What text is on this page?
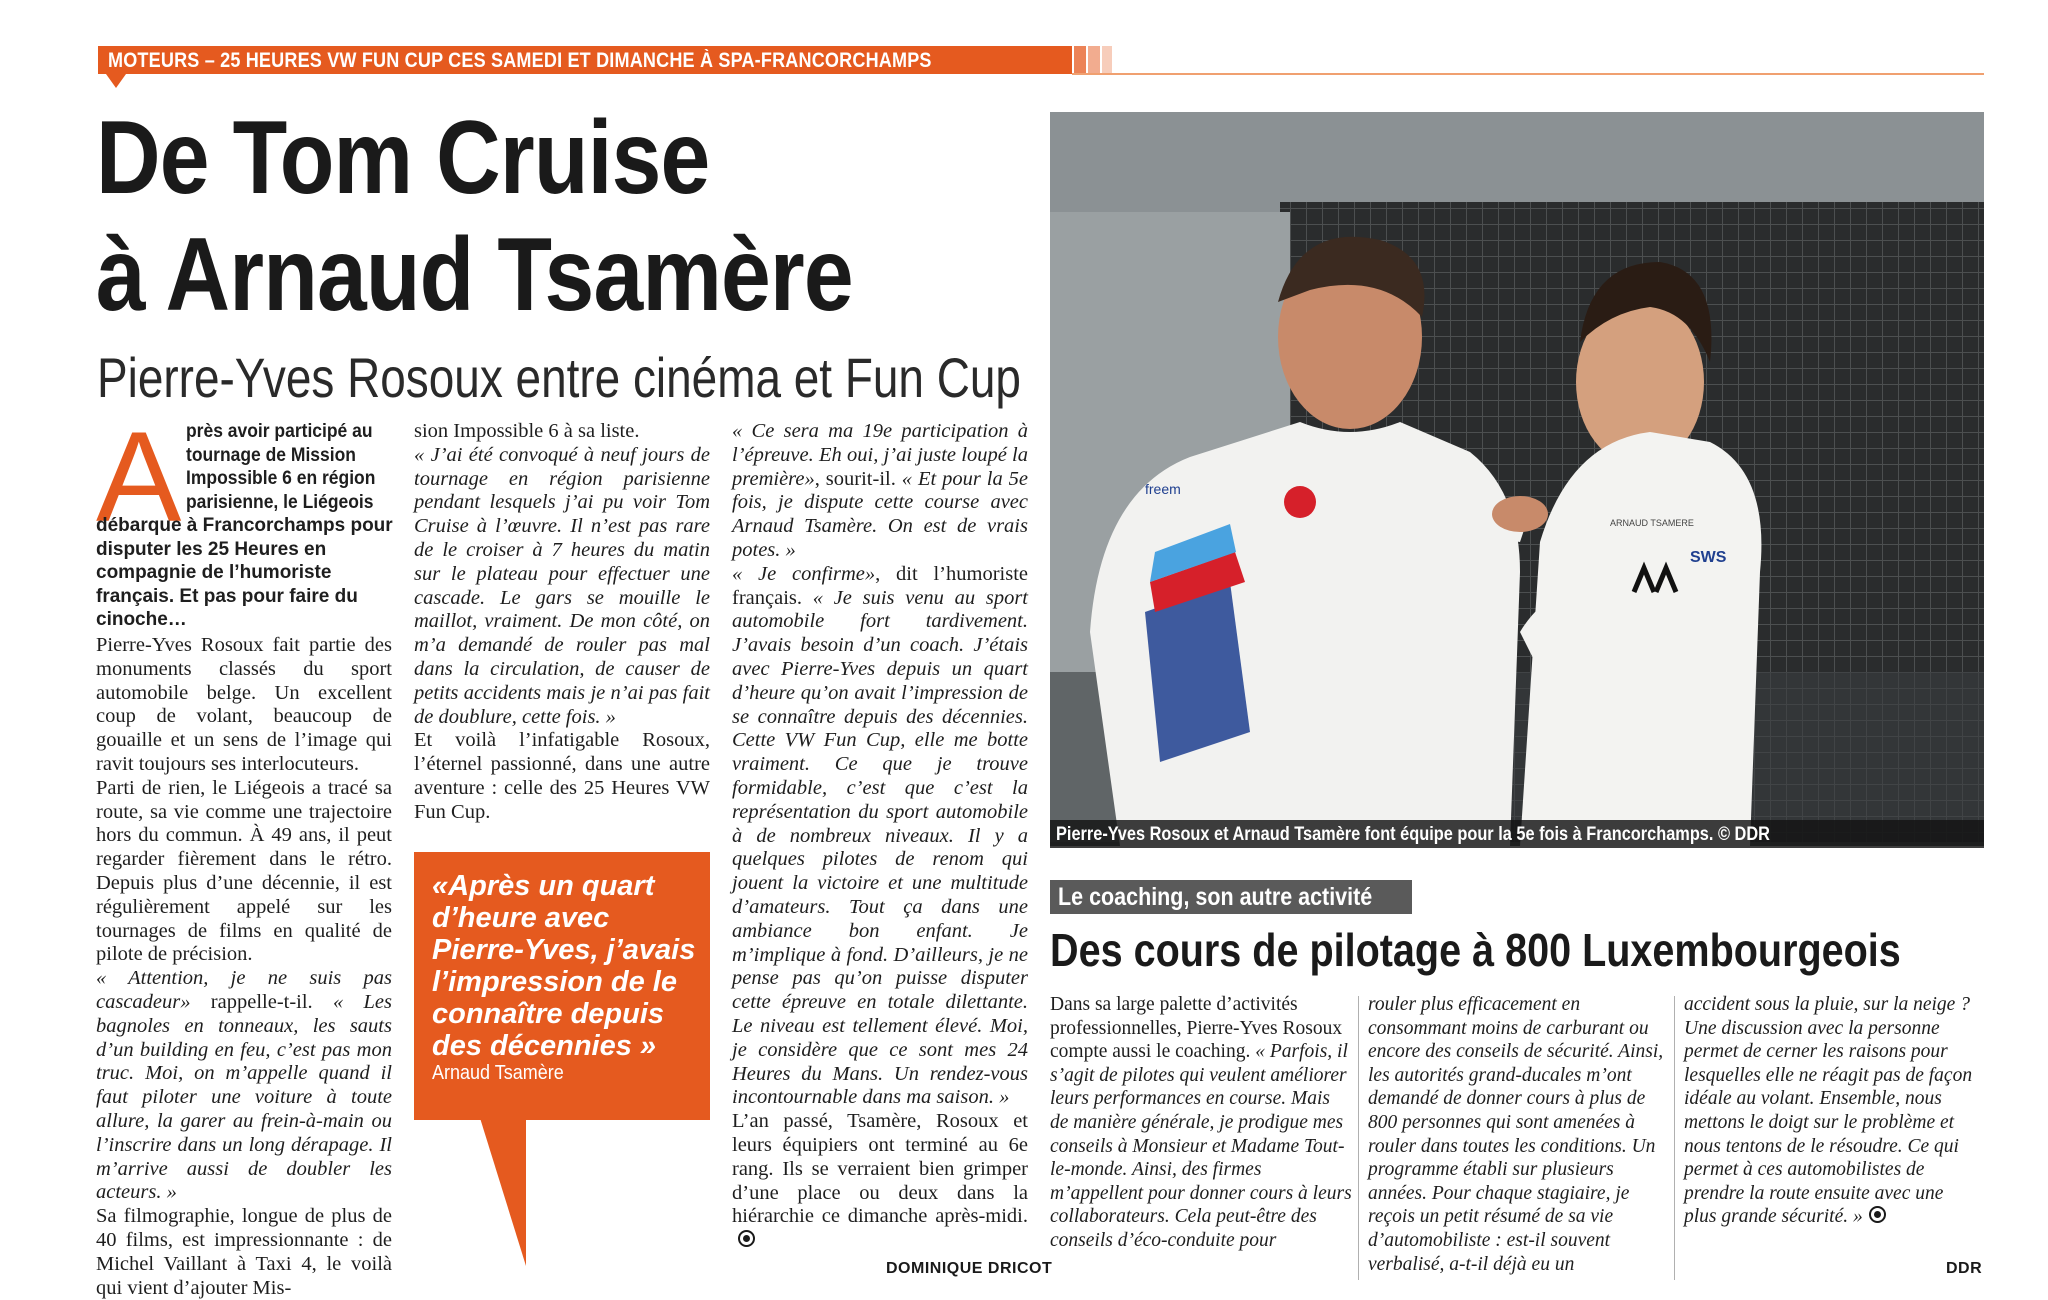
MOTEURS – 25 HEURES VW FUN CUP CES SAMEDI ET DIMANCHE À SPA-FRANCORCHAMPS
De Tom Cruise
à Arnaud Tsamère
Pierre-Yves Rosoux entre cinéma et Fun Cup
A près avoir participé au tournage de Mission Impossible 6 en région parisienne, le Liégeois
débarque à Francorchamps pour disputer les 25 Heures en compagnie de l’humoriste français. Et pas pour faire du cinoche…

Pierre-Yves Rosoux fait partie des monuments classés du sport automobile belge. Un excellent coup de volant, beaucoup de gouaille et un sens de l’image qui ravit toujours ses interlocuteurs.

Parti de rien, le Liégeois a tracé sa route, sa vie comme une trajectoire hors du commun. À 49 ans, il peut regarder fièrement dans le rétro. Depuis plus d’une décennie, il est régulièrement appelé sur les tournages de films en qualité de pilote de précision.

« Attention, je ne suis pas cascadeur» rappelle-t-il. « Les bagnoles en tonneaux, les sauts d’un building en feu, c’est pas mon truc. Moi, on m’appelle quand il faut piloter une voiture à toute allure, la garer au frein-à-main ou l’inscrire dans un long dérapage. Il m’arrive aussi de doubler les acteurs. »

Sa filmographie, longue de plus de 40 films, est impressionnante : de Michel Vaillant à Taxi 4, le voilà qui vient d’ajouter Mis-

sion Impossible 6 à sa liste.

« J’ai été convoqué à neuf jours de tournage en région parisienne pendant lesquels j’ai pu voir Tom Cruise à l’œuvre. Il n’est pas rare de le croiser à 7 heures du matin sur le plateau pour effectuer une cascade. Le gars se mouille le maillot, vraiment. De mon côté, on m’a demandé de rouler pas mal dans la circulation, de causer de petits accidents mais je n’ai pas fait de doublure, cette fois. »

Et voilà l’infatigable Rosoux, l’éternel passionné, dans une autre aventure : celle des 25 Heures VW Fun Cup.

«Après un quart d’heure avec Pierre-Yves, j’avais l’impression de le connaître depuis des décennies »
Arnaud Tsamère

« Ce sera ma 19e participation à l’épreuve. Eh oui, j’ai juste loupé la première», sourit-il. « Et pour la 5e fois, je dispute cette course avec Arnaud Tsamère. On est de vrais potes. »

« Je confirme», dit l’humoriste français. « Je suis venu au sport automobile fort tardivement. J’avais besoin d’un coach. J’étais avec Pierre-Yves depuis un quart d’heure qu’on avait l’impression de se connaître depuis des décennies. Cette VW Fun Cup, elle me botte vraiment. Ce que je trouve formidable, c’est que c’est la représentation du sport automobile à de nombreux niveaux. Il y a quelques pilotes de renom qui jouent la victoire et une multitude d’amateurs. Tout ça dans une ambiance bon enfant. Je m’implique à fond. D’ailleurs, je ne pense pas qu’on puisse disputer cette épreuve en totale dilettante. Le niveau est tellement élevé. Moi, je considère que ce sont mes 24 Heures du Mans. Un rendez-vous incontournable dans ma saison. »

L’an passé, Tsamère, Rosoux et leurs équipiers ont terminé au 6e rang. Ils se verraient bien grimper d’une place ou deux dans la hiérarchie ce dimanche après-midi.

DOMINIQUE DRICOT
freem
ARNAUD TSAMERE
SWS
Pierre-Yves Rosoux et Arnaud Tsamère font équipe pour la 5e fois à Francorchamps. © DDR
Le coaching, son autre activité
Des cours de pilotage à 800 Luxembourgeois
Dans sa large palette d’activités professionnelles, Pierre-Yves Rosoux compte aussi le coaching. « Parfois, il s’agit de pilotes qui veulent améliorer leurs performances en course. Mais de manière générale, je prodigue mes conseils à Monsieur et Madame Tout-le-monde. Ainsi, des firmes m’appellent pour donner cours à leurs collaborateurs. Cela peut-être des conseils d’éco-conduite pour
rouler plus efficacement en consommant moins de carburant ou encore des conseils de sécurité. Ainsi, les autorités grand-ducales m’ont demandé de donner cours à plus de 800 personnes qui sont amenées à rouler dans toutes les conditions. Un programme établi sur plusieurs années. Pour chaque stagiaire, je reçois un petit résumé de sa vie d’automobiliste : est-il souvent verbalisé, a-t-il déjà eu un
accident sous la pluie, sur la neige ? Une discussion avec la personne permet de cerner les raisons pour lesquelles elle ne réagit pas de façon idéale au volant. Ensemble, nous mettons le doigt sur le problème et nous tentons de le résoudre. Ce qui permet à ces automobilistes de prendre la route ensuite avec une plus grande sécurité. »
DDR
